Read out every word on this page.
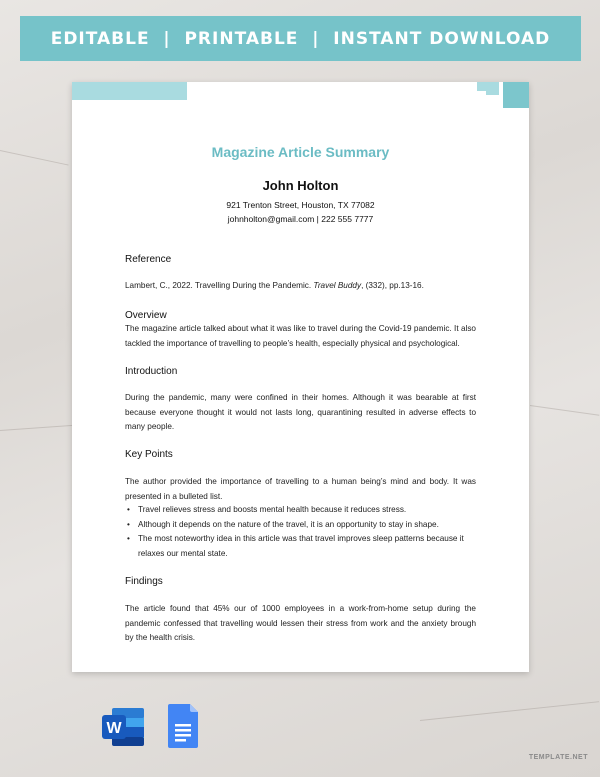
EDITABLE  |  PRINTABLE  |  INSTANT DOWNLOAD
Magazine Article Summary
John Holton
921 Trenton Street, Houston, TX 77082
johnholton@gmail.com | 222 555 7777
Reference
Lambert, C., 2022. Travelling During the Pandemic. Travel Buddy, (332), pp.13-16.
Overview
The magazine article talked about what it was like to travel during the Covid-19 pandemic. It also tackled the importance of travelling to people’s health, especially physical and psychological.
Introduction
During the pandemic, many were confined in their homes. Although it was bearable at first because everyone thought it would not lasts long, quarantining resulted in adverse effects to many people.
Key Points
The author provided the importance of travelling to a human being’s mind and body. It was presented in a bulleted list.
• Travel relieves stress and boosts mental health because it reduces stress.
• Although it depends on the nature of the travel, it is an opportunity to stay in shape.
• The most noteworthy idea in this article was that travel improves sleep patterns because it relaxes our mental state.
Findings
The article found that 45% our of 1000 employees in a work-from-home setup during the pandemic confessed that travelling would lessen their stress from work and the anxiety brough by the health crisis.
W
TEMPLATE.NET
